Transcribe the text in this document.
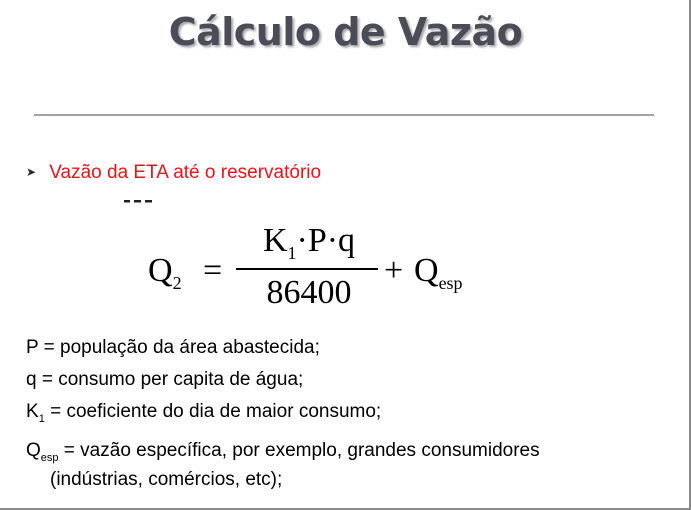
Cálculo de Vazão
➤ Vazão da ETA até o reservatório
$Q_2$ =
$K_1\cdot P\cdot q$
86400
+ $Q_{esp}$
P = população da área abastecida;
q = consumo per capita de água;
$K_1$ = coeficiente do dia de maior consumo;
$Q_{esp}$ = vazão específica, por exemplo, grandes consumidores
(indústrias, comércios, etc);
